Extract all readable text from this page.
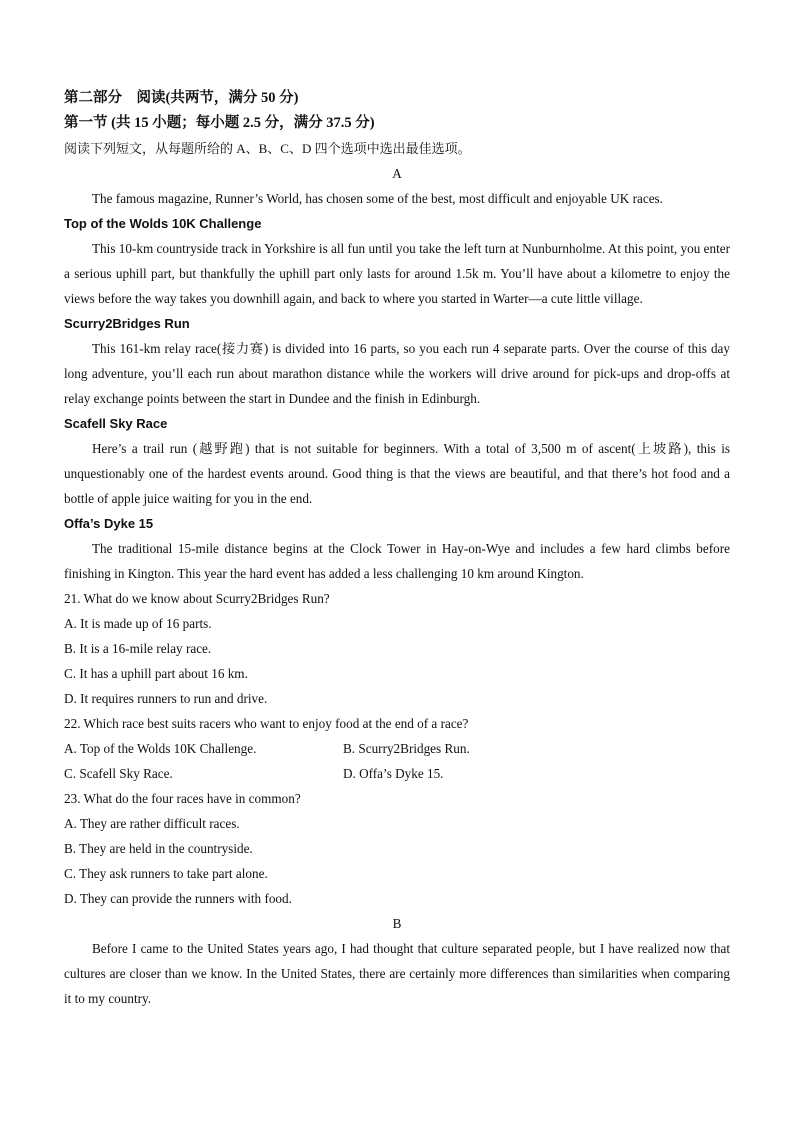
第二部分　阅读(共两节，满分 50 分)
第一节 (共 15 小题；每小题 2.5 分，满分 37.5 分)
阅读下列短文，从每题所给的 A、B、C、D 四个选项中选出最佳选项。
A

The famous magazine, Runner’s World, has chosen some of the best, most difficult and enjoyable UK races.

Top of the Wolds 10K Challenge

This 10-km countryside track in Yorkshire is all fun until you take the left turn at Nunburnholme. At this point, you enter a serious uphill part, but thankfully the uphill part only lasts for around 1.5k m. You’ll have about a kilometre to enjoy the views before the way takes you downhill again, and back to where you started in Warter—a cute little village.

Scurry2Bridges Run

This 161-km relay race(接力赛) is divided into 16 parts, so you each run 4 separate parts. Over the course of this day long adventure, you’ll each run about marathon distance while the workers will drive around for pick-ups and drop-offs at relay exchange points between the start in Dundee and the finish in Edinburgh.

Scafell Sky Race

Here’s a trail run (越野跑) that is not suitable for beginners. With a total of 3,500 m of ascent(上坡路), this is unquestionably one of the hardest events around. Good thing is that the views are beautiful, and that there’s hot food and a bottle of apple juice waiting for you in the end.

Offa’s Dyke 15

The traditional 15-mile distance begins at the Clock Tower in Hay-on-Wye and includes a few hard climbs before finishing in Kington. This year the hard event has added a less challenging 10 km around Kington.

21. What do we know about Scurry2Bridges Run?
A. It is made up of 16 parts.
B. It is a 16-mile relay race.
C. It has a uphill part about 16 km.
D. It requires runners to run and drive.
22. Which race best suits racers who want to enjoy food at the end of a race?
A. Top of the Wolds 10K Challenge.	B. Scurry2Bridges Run.
C. Scafell Sky Race.	D. Offa’s Dyke 15.
23. What do the four races have in common?
A. They are rather difficult races.
B. They are held in the countryside.
C. They ask runners to take part alone.
D. They can provide the runners with food.
B

Before I came to the United States years ago, I had thought that culture separated people, but I have realized now that cultures are closer than we know. In the United States, there are certainly more differences than similarities when comparing it to my country.
